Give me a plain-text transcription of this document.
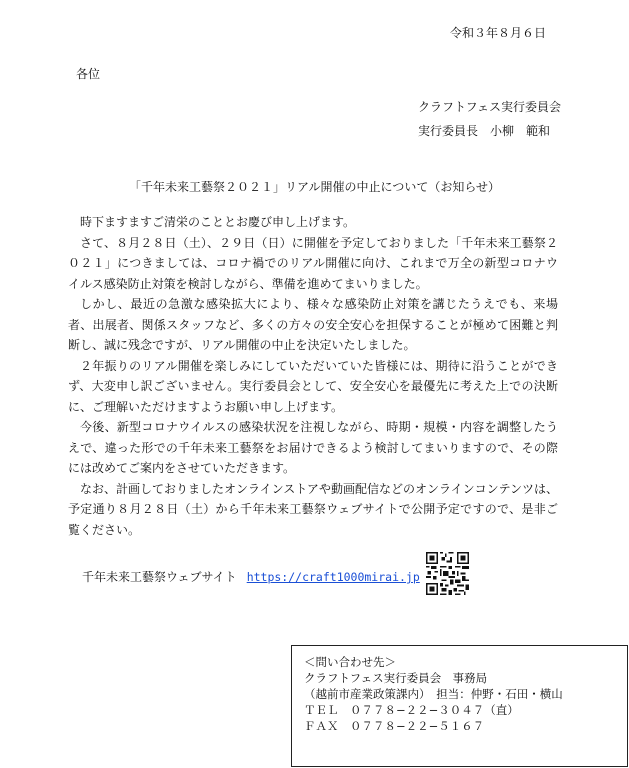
令和３年８月６日
各位
クラフトフェス実行委員会
実行委員長　小柳　範和
「千年未来工藝祭２０２１」リアル開催の中止について（お知らせ）

時下ますますご清栄のこととお慶び申し上げます。

さて、８月２８日（土）、２９日（日）に開催を予定しておりました「千年未来工藝祭２０２１」につきましては、コロナ禍でのリアル開催に向け、これまで万全の新型コロナウイルス感染防止対策を検討しながら、準備を進めてまいりました。

しかし、最近の急激な感染拡大により、様々な感染防止対策を講じたうえでも、来場者、出展者、関係スタッフなど、多くの方々の安全安心を担保することが極めて困難と判断し、誠に残念ですが、リアル開催の中止を決定いたしました。

２年振りのリアル開催を楽しみにしていただいていた皆様には、期待に沿うことができず、大変申し訳ございません。実行委員会として、安全安心を最優先に考えた上での決断に、ご理解いただけますようお願い申し上げます。

今後、新型コロナウイルスの感染状況を注視しながら、時期・規模・内容を調整したうえで、違った形での千年未来工藝祭をお届けできるよう検討してまいりますので、その際には改めてご案内をさせていただきます。

なお、計画しておりましたオンラインストアや動画配信などのオンラインコンテンツは、予定通り８月２８日（土）から千年未来工藝祭ウェブサイトで公開予定ですので、是非ご覧ください。

千年未来工藝祭ウェブサイト https://craft1000mirai.jp
＜問い合わせ先＞
クラフトフェス実行委員会　事務局
（越前市産業政策課内）　担当：仲野・石田・横山
ＴＥＬ　０７７８−２２−３０４７（直）
ＦＡＸ　０７７８−２２−５１６７
